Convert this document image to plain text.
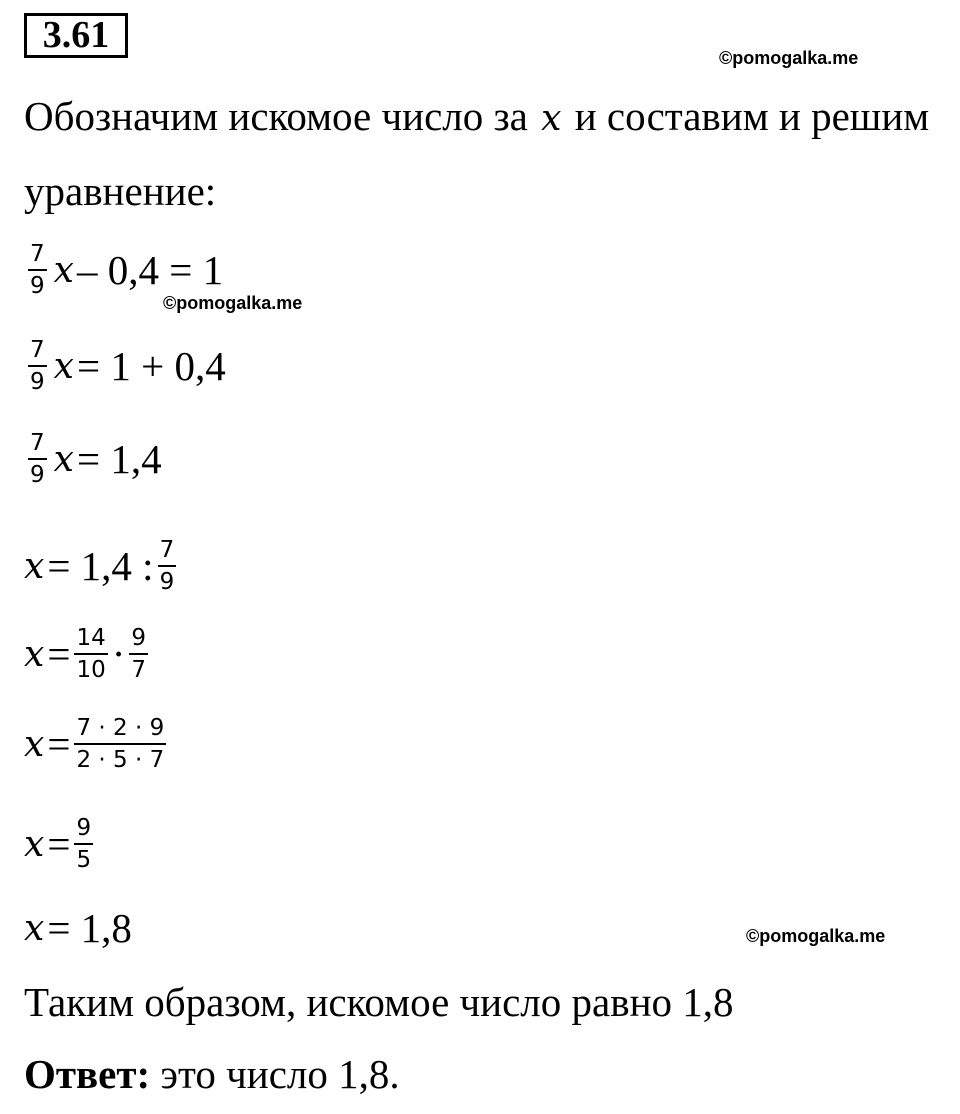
3.61
©pomogalka.me
Обозначим искомое число за x и составим и решим
уравнение:
$\frac{7}{9}$ x – 0,4 = 1
©pomogalka.me
$\frac{7}{9}$ x = 1 + 0,4
$\frac{7}{9}$ x = 1,4
x = 1,4 : $\frac{7}{9}$
$x = \frac{14}{10} \cdot \frac{9}{7}$
$x = \frac{7 \cdot 2 \cdot 9}{2 \cdot 5 \cdot 7}$
$x = \frac{9}{5}$
x = 1,8	©pomogalka.me
Таким образом, искомое число равно 1,8
Ответ: это число 1,8.
